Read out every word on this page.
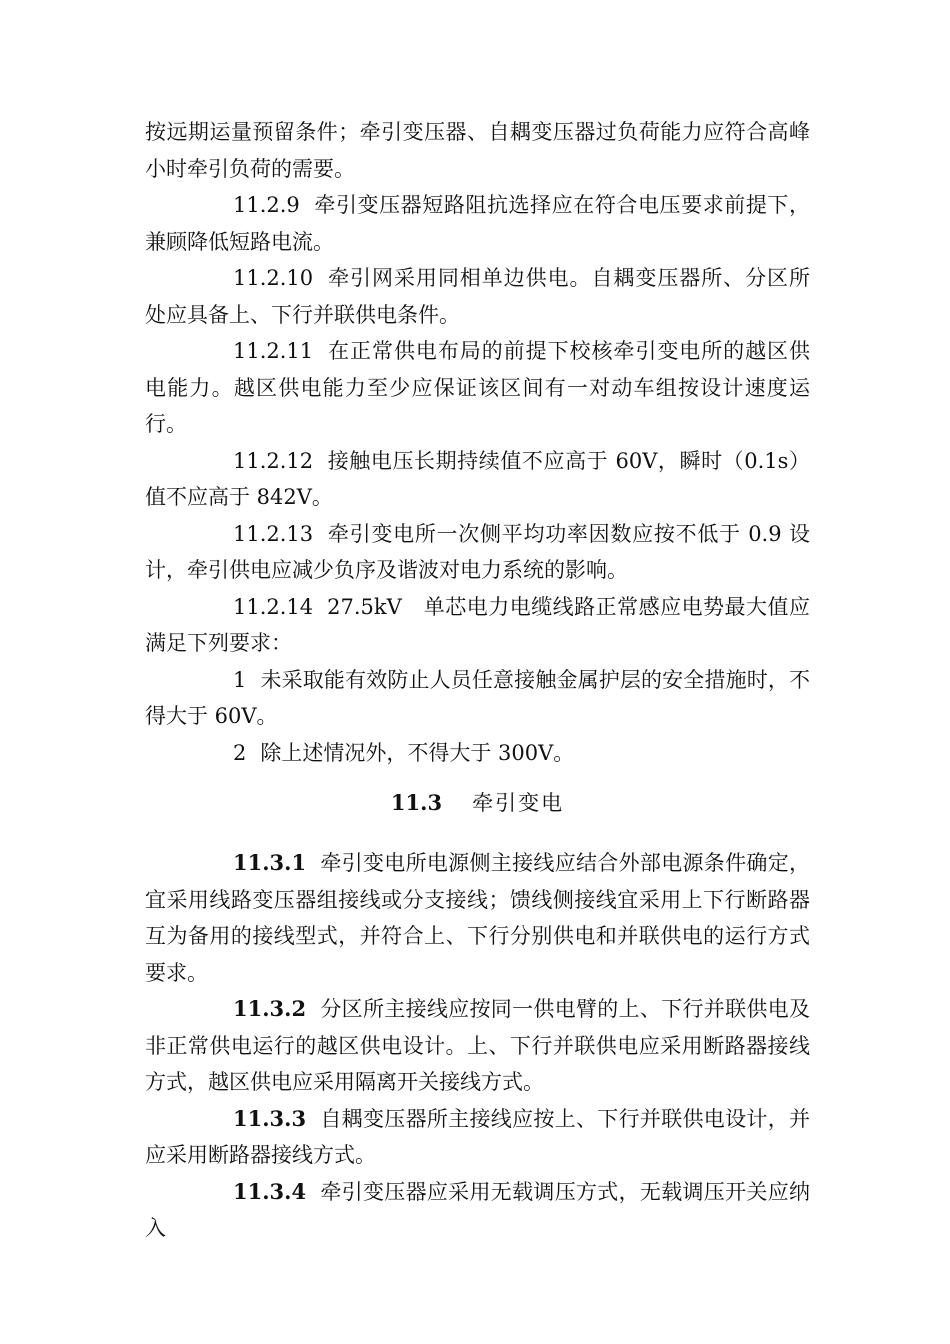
按远期运量预留条件；牵引变压器、自耦变压器过负荷能力应符合高峰小时牵引负荷的需要。

11.2.9 牵引变压器短路阻抗选择应在符合电压要求前提下，兼顾降低短路电流。

11.2.10 牵引网采用同相单边供电。自耦变压器所、分区所处应具备上、下行并联供电条件。

11.2.11 在正常供电布局的前提下校核牵引变电所的越区供电能力。越区供电能力至少应保证该区间有一对动车组按设计速度运行。

11.2.12 接触电压长期持续值不应高于 60V，瞬时（0.1s）值不应高于 842V。

11.2.13 牵引变电所一次侧平均功率因数应按不低于 0.9 设计，牵引供电应减少负序及谐波对电力系统的影响。

11.2.14 27.5kV　单芯电力电缆线路正常感应电势最大值应满足下列要求：

1 未采取能有效防止人员任意接触金属护层的安全措施时，不得大于 60V。

2 除上述情况外，不得大于 300V。

11.3 牵引变电

11.3.1 牵引变电所电源侧主接线应结合外部电源条件确定，宜采用线路变压器组接线或分支接线；馈线侧接线宜采用上下行断路器互为备用的接线型式，并符合上、下行分别供电和并联供电的运行方式要求。

11.3.2 分区所主接线应按同一供电臂的上、下行并联供电及非正常供电运行的越区供电设计。上、下行并联供电应采用断路器接线方式，越区供电应采用隔离开关接线方式。

11.3.3 自耦变压器所主接线应按上、下行并联供电设计，并应采用断路器接线方式。

11.3.4 牵引变压器应采用无载调压方式，无载调压开关应纳入
